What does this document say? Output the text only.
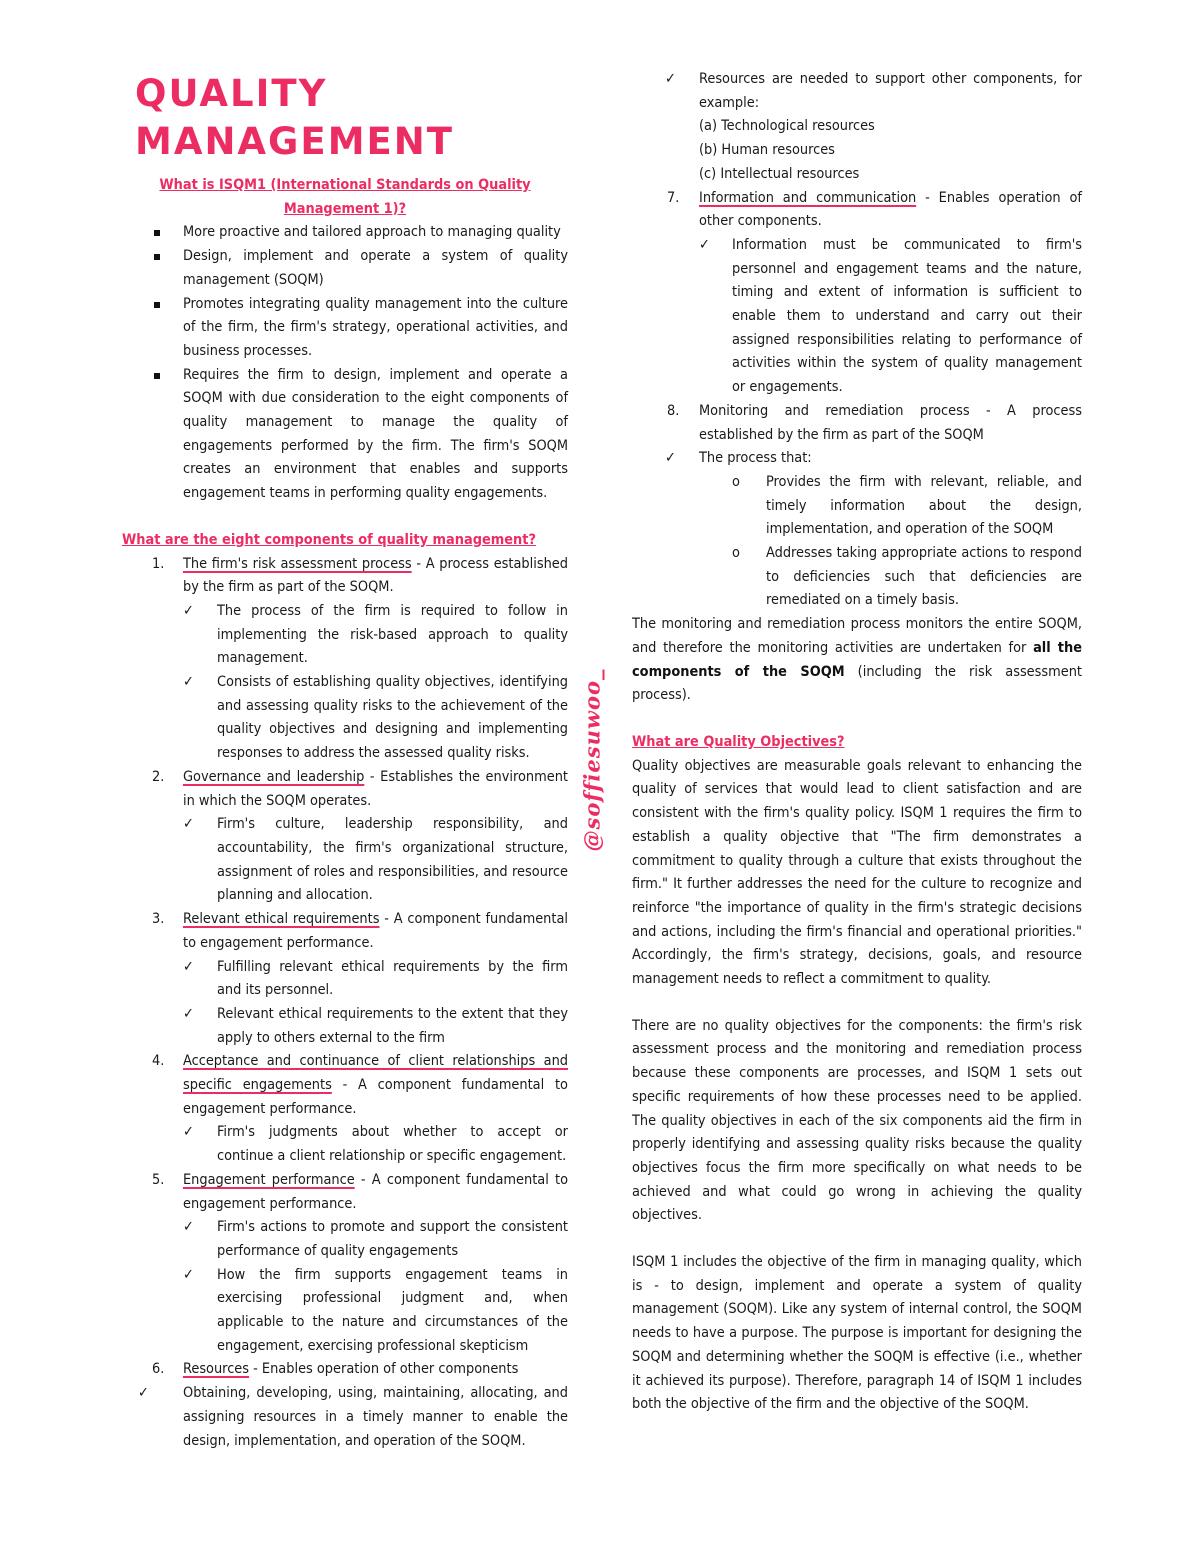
QUALITY MANAGEMENT
What is ISQM1 (International Standards on Quality Management 1)?
More proactive and tailored approach to managing quality
Design, implement and operate a system of quality management (SOQM)
Promotes integrating quality management into the culture of the firm, the firm's strategy, operational activities, and business processes.
Requires the firm to design, implement and operate a SOQM with due consideration to the eight components of quality management to manage the quality of engagements performed by the firm. The firm's SOQM creates an environment that enables and supports engagement teams in performing quality engagements.
What are the eight components of quality management?
1. The firm's risk assessment process - A process established by the firm as part of the SOQM.
✓ The process of the firm is required to follow in implementing the risk-based approach to quality management.
✓ Consists of establishing quality objectives, identifying and assessing quality risks to the achievement of the quality objectives and designing and implementing responses to address the assessed quality risks.
2. Governance and leadership - Establishes the environment in which the SOQM operates.
✓ Firm's culture, leadership responsibility, and accountability, the firm's organizational structure, assignment of roles and responsibilities, and resource planning and allocation.
3. Relevant ethical requirements - A component fundamental to engagement performance.
✓ Fulfilling relevant ethical requirements by the firm and its personnel.
✓ Relevant ethical requirements to the extent that they apply to others external to the firm
4. Acceptance and continuance of client relationships and specific engagements - A component fundamental to engagement performance.
✓ Firm's judgments about whether to accept or continue a client relationship or specific engagement.
5. Engagement performance - A component fundamental to engagement performance.
✓ Firm's actions to promote and support the consistent performance of quality engagements
✓ How the firm supports engagement teams in exercising professional judgment and, when applicable to the nature and circumstances of the engagement, exercising professional skepticism
6. Resources - Enables operation of other components
✓ Obtaining, developing, using, maintaining, allocating, and assigning resources in a timely manner to enable the design, implementation, and operation of the SOQM.
@soffiesuwoo_
✓ Resources are needed to support other components, for example:
(a) Technological resources
(b) Human resources
(c) Intellectual resources
7. Information and communication - Enables operation of other components.
✓ Information must be communicated to firm's personnel and engagement teams and the nature, timing and extent of information is sufficient to enable them to understand and carry out their assigned responsibilities relating to performance of activities within the system of quality management or engagements.
8. Monitoring and remediation process - A process established by the firm as part of the SOQM
✓ The process that:
o Provides the firm with relevant, reliable, and timely information about the design, implementation, and operation of the SOQM
o Addresses taking appropriate actions to respond to deficiencies such that deficiencies are remediated on a timely basis.
The monitoring and remediation process monitors the entire SOQM, and therefore the monitoring activities are undertaken for all the components of the SOQM (including the risk assessment process).
What are Quality Objectives?
Quality objectives are measurable goals relevant to enhancing the quality of services that would lead to client satisfaction and are consistent with the firm's quality policy. ISQM 1 requires the firm to establish a quality objective that "The firm demonstrates a commitment to quality through a culture that exists throughout the firm." It further addresses the need for the culture to recognize and reinforce "the importance of quality in the firm's strategic decisions and actions, including the firm's financial and operational priorities." Accordingly, the firm's strategy, decisions, goals, and resource management needs to reflect a commitment to quality.
There are no quality objectives for the components: the firm's risk assessment process and the monitoring and remediation process because these components are processes, and ISQM 1 sets out specific requirements of how these processes need to be applied. The quality objectives in each of the six components aid the firm in properly identifying and assessing quality risks because the quality objectives focus the firm more specifically on what needs to be achieved and what could go wrong in achieving the quality objectives.
ISQM 1 includes the objective of the firm in managing quality, which is - to design, implement and operate a system of quality management (SOQM). Like any system of internal control, the SOQM needs to have a purpose. The purpose is important for designing the SOQM and determining whether the SOQM is effective (i.e., whether it achieved its purpose). Therefore, paragraph 14 of ISQM 1 includes both the objective of the firm and the objective of the SOQM.
